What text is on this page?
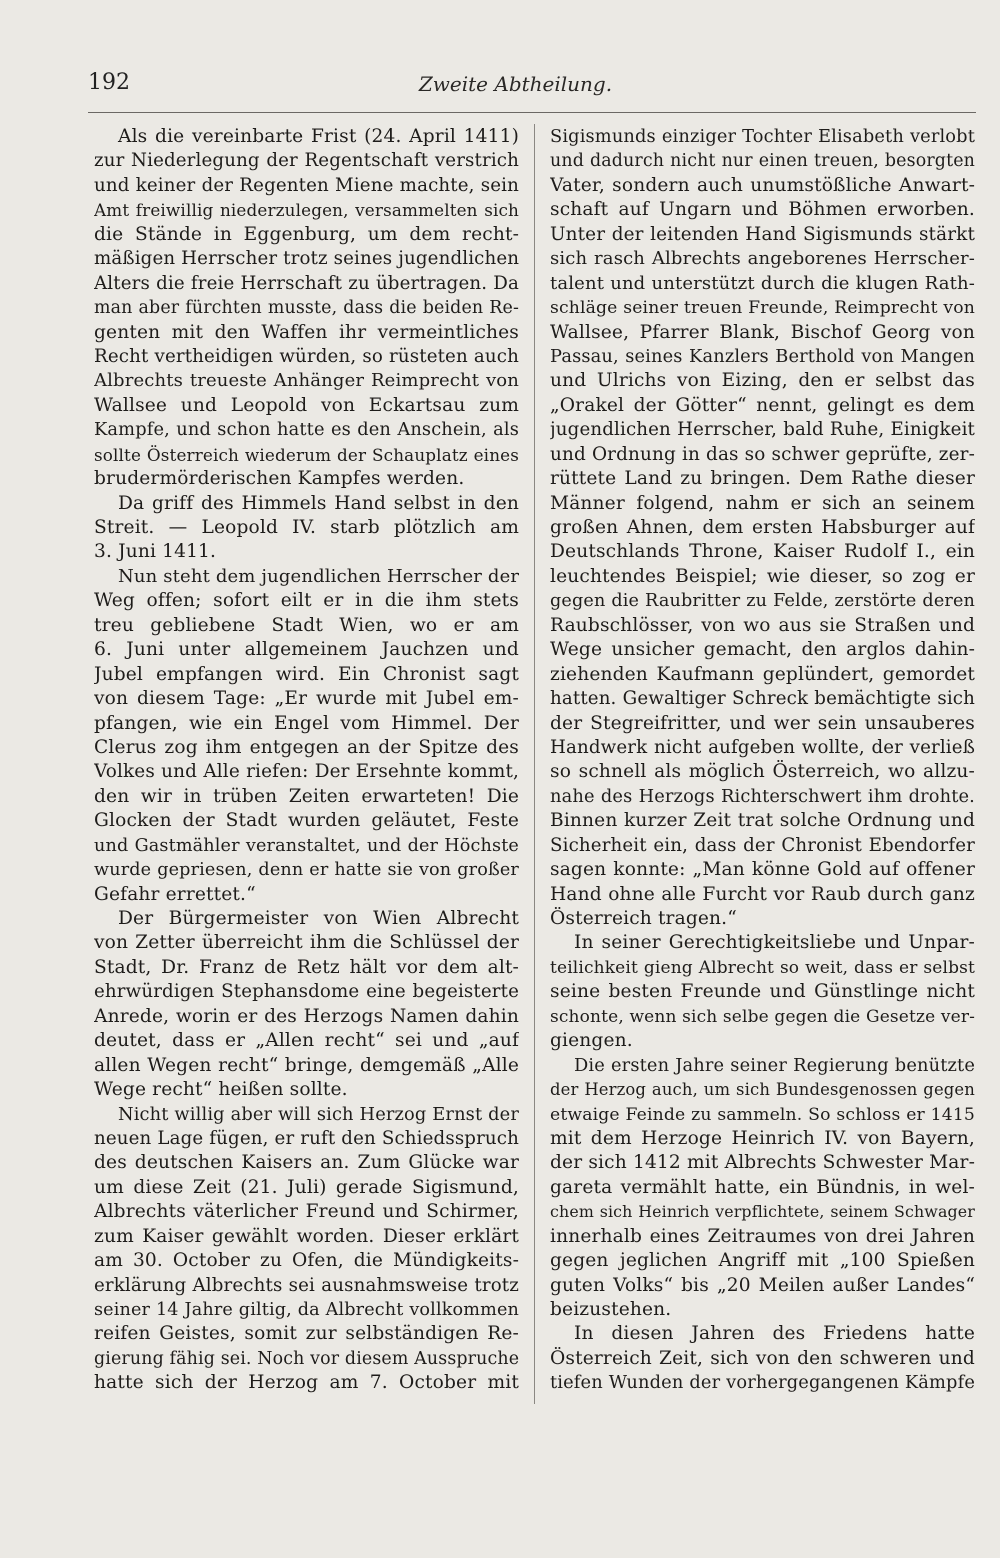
192	Zweite Abtheilung.
Als die vereinbarte Frist (24. April 1411)
zur Niederlegung der Regentschaft verstrich
und keiner der Regenten Miene machte, sein
Amt freiwillig niederzulegen, versammelten sich
die Stände in Eggenburg, um dem recht-
mäßigen Herrscher trotz seines jugendlichen
Alters die freie Herrschaft zu übertragen. Da
man aber fürchten musste, dass die beiden Re-
genten mit den Waffen ihr vermeintliches
Recht vertheidigen würden, so rüsteten auch
Albrechts treueste Anhänger Reimprecht von
Wallsee und Leopold von Eckartsau zum
Kampfe, und schon hatte es den Anschein, als
sollte Österreich wiederum der Schauplatz eines
brudermörderischen Kampfes werden.
Da griff des Himmels Hand selbst in den
Streit. — Leopold IV. starb plötzlich am
3. Juni 1411.
Nun steht dem jugendlichen Herrscher der
Weg offen; sofort eilt er in die ihm stets
treu gebliebene Stadt Wien, wo er am
6. Juni unter allgemeinem Jauchzen und
Jubel empfangen wird. Ein Chronist sagt
von diesem Tage: „Er wurde mit Jubel em-
pfangen, wie ein Engel vom Himmel. Der
Clerus zog ihm entgegen an der Spitze des
Volkes und Alle riefen: Der Ersehnte kommt,
den wir in trüben Zeiten erwarteten! Die
Glocken der Stadt wurden geläutet, Feste
und Gastmähler veranstaltet, und der Höchste
wurde gepriesen, denn er hatte sie von großer
Gefahr errettet.“
Der Bürgermeister von Wien Albrecht
von Zetter überreicht ihm die Schlüssel der
Stadt, Dr. Franz de Retz hält vor dem alt-
ehrwürdigen Stephansdome eine begeisterte
Anrede, worin er des Herzogs Namen dahin
deutet, dass er „Allen recht“ sei und „auf
allen Wegen recht“ bringe, demgemäß „Alle
Wege recht“ heißen sollte.
Nicht willig aber will sich Herzog Ernst der
neuen Lage fügen, er ruft den Schiedsspruch
des deutschen Kaisers an. Zum Glücke war
um diese Zeit (21. Juli) gerade Sigismund,
Albrechts väterlicher Freund und Schirmer,
zum Kaiser gewählt worden. Dieser erklärt
am 30. October zu Ofen, die Mündigkeits-
erklärung Albrechts sei ausnahmsweise trotz
seiner 14 Jahre giltig, da Albrecht vollkommen
reifen Geistes, somit zur selbständigen Re-
gierung fähig sei. Noch vor diesem Ausspruche
hatte sich der Herzog am 7. October mit
Sigismunds einziger Tochter Elisabeth verlobt
und dadurch nicht nur einen treuen, besorgten
Vater, sondern auch unumstößliche Anwart-
schaft auf Ungarn und Böhmen erworben.
Unter der leitenden Hand Sigismunds stärkt
sich rasch Albrechts angeborenes Herrscher-
talent und unterstützt durch die klugen Rath-
schläge seiner treuen Freunde, Reimprecht von
Wallsee, Pfarrer Blank, Bischof Georg von
Passau, seines Kanzlers Berthold von Mangen
und Ulrichs von Eizing, den er selbst das
„Orakel der Götter“ nennt, gelingt es dem
jugendlichen Herrscher, bald Ruhe, Einigkeit
und Ordnung in das so schwer geprüfte, zer-
rüttete Land zu bringen. Dem Rathe dieser
Männer folgend, nahm er sich an seinem
großen Ahnen, dem ersten Habsburger auf
Deutschlands Throne, Kaiser Rudolf I., ein
leuchtendes Beispiel; wie dieser, so zog er
gegen die Raubritter zu Felde, zerstörte deren
Raubschlösser, von wo aus sie Straßen und
Wege unsicher gemacht, den arglos dahin-
ziehenden Kaufmann geplündert, gemordet
hatten. Gewaltiger Schreck bemächtigte sich
der Stegreifritter, und wer sein unsauberes
Handwerk nicht aufgeben wollte, der verließ
so schnell als möglich Österreich, wo allzu-
nahe des Herzogs Richterschwert ihm drohte.
Binnen kurzer Zeit trat solche Ordnung und
Sicherheit ein, dass der Chronist Ebendorfer
sagen konnte: „Man könne Gold auf offener
Hand ohne alle Furcht vor Raub durch ganz
Österreich tragen.“
In seiner Gerechtigkeitsliebe und Unpar-
teilichkeit gieng Albrecht so weit, dass er selbst
seine besten Freunde und Günstlinge nicht
schonte, wenn sich selbe gegen die Gesetze ver-
giengen.
Die ersten Jahre seiner Regierung benützte
der Herzog auch, um sich Bundesgenossen gegen
etwaige Feinde zu sammeln. So schloss er 1415
mit dem Herzoge Heinrich IV. von Bayern,
der sich 1412 mit Albrechts Schwester Mar-
gareta vermählt hatte, ein Bündnis, in wel-
chem sich Heinrich verpflichtete, seinem Schwager
innerhalb eines Zeitraumes von drei Jahren
gegen jeglichen Angriff mit „100 Spießen
guten Volks“ bis „20 Meilen außer Landes“
beizustehen.
In diesen Jahren des Friedens hatte
Österreich Zeit, sich von den schweren und
tiefen Wunden der vorhergegangenen Kämpfe
